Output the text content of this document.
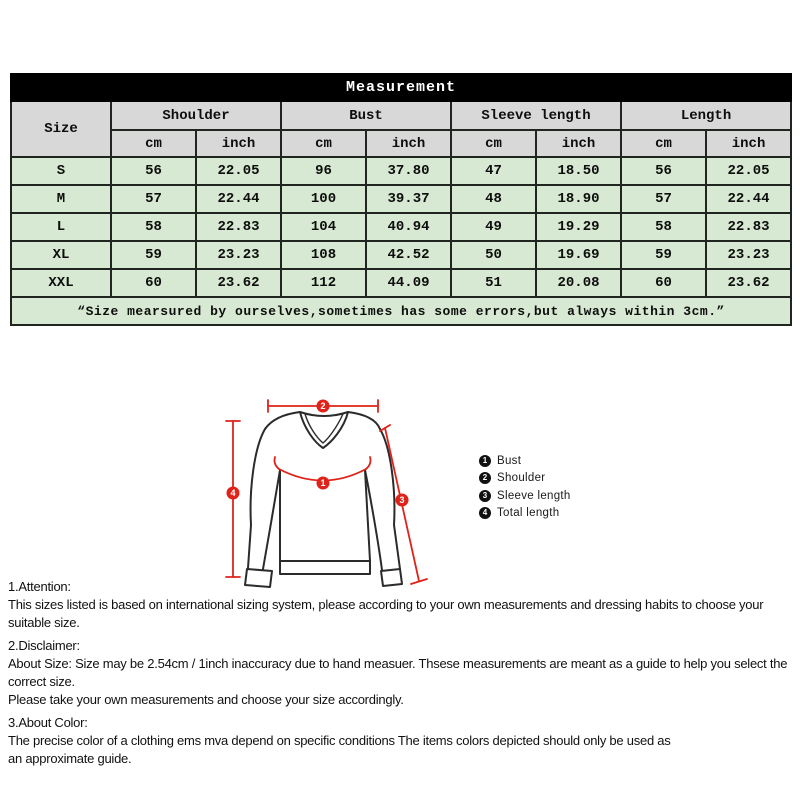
Measurement								
Size	Shoulder		Bust		Sleeve length		Length	
	cm	inch	cm	inch	cm	inch	cm	inch
S	56	22.05	96	37.80	47	18.50	56	22.05
M	57	22.44	100	39.37	48	18.90	57	22.44
L	58	22.83	104	40.94	49	19.29	58	22.83
XL	59	23.23	108	42.52	50	19.69	59	23.23
XXL	60	23.62	112	44.09	51	20.08	60	23.62
“Size mearsured by ourselves,sometimes has some errors,but always within 3cm.”								
2
4
1
3
1 Bust
2 Shoulder
3 Sleeve length
4 Total length

1.Attention:

This sizes listed is based on international sizing system, please according to your own measurements and dressing habits to choose your suitable size.

2.Disclaimer:

About Size: Size may be 2.54cm / 1inch inaccuracy due to hand measuer. Thsese measurements are meant as a guide to help you select the correct size.

Please take your own measurements and choose your size accordingly.

3.About Color:

The precise color of a clothing ems mva depend on specific conditions The items colors depicted should only be used as

an approximate guide.
